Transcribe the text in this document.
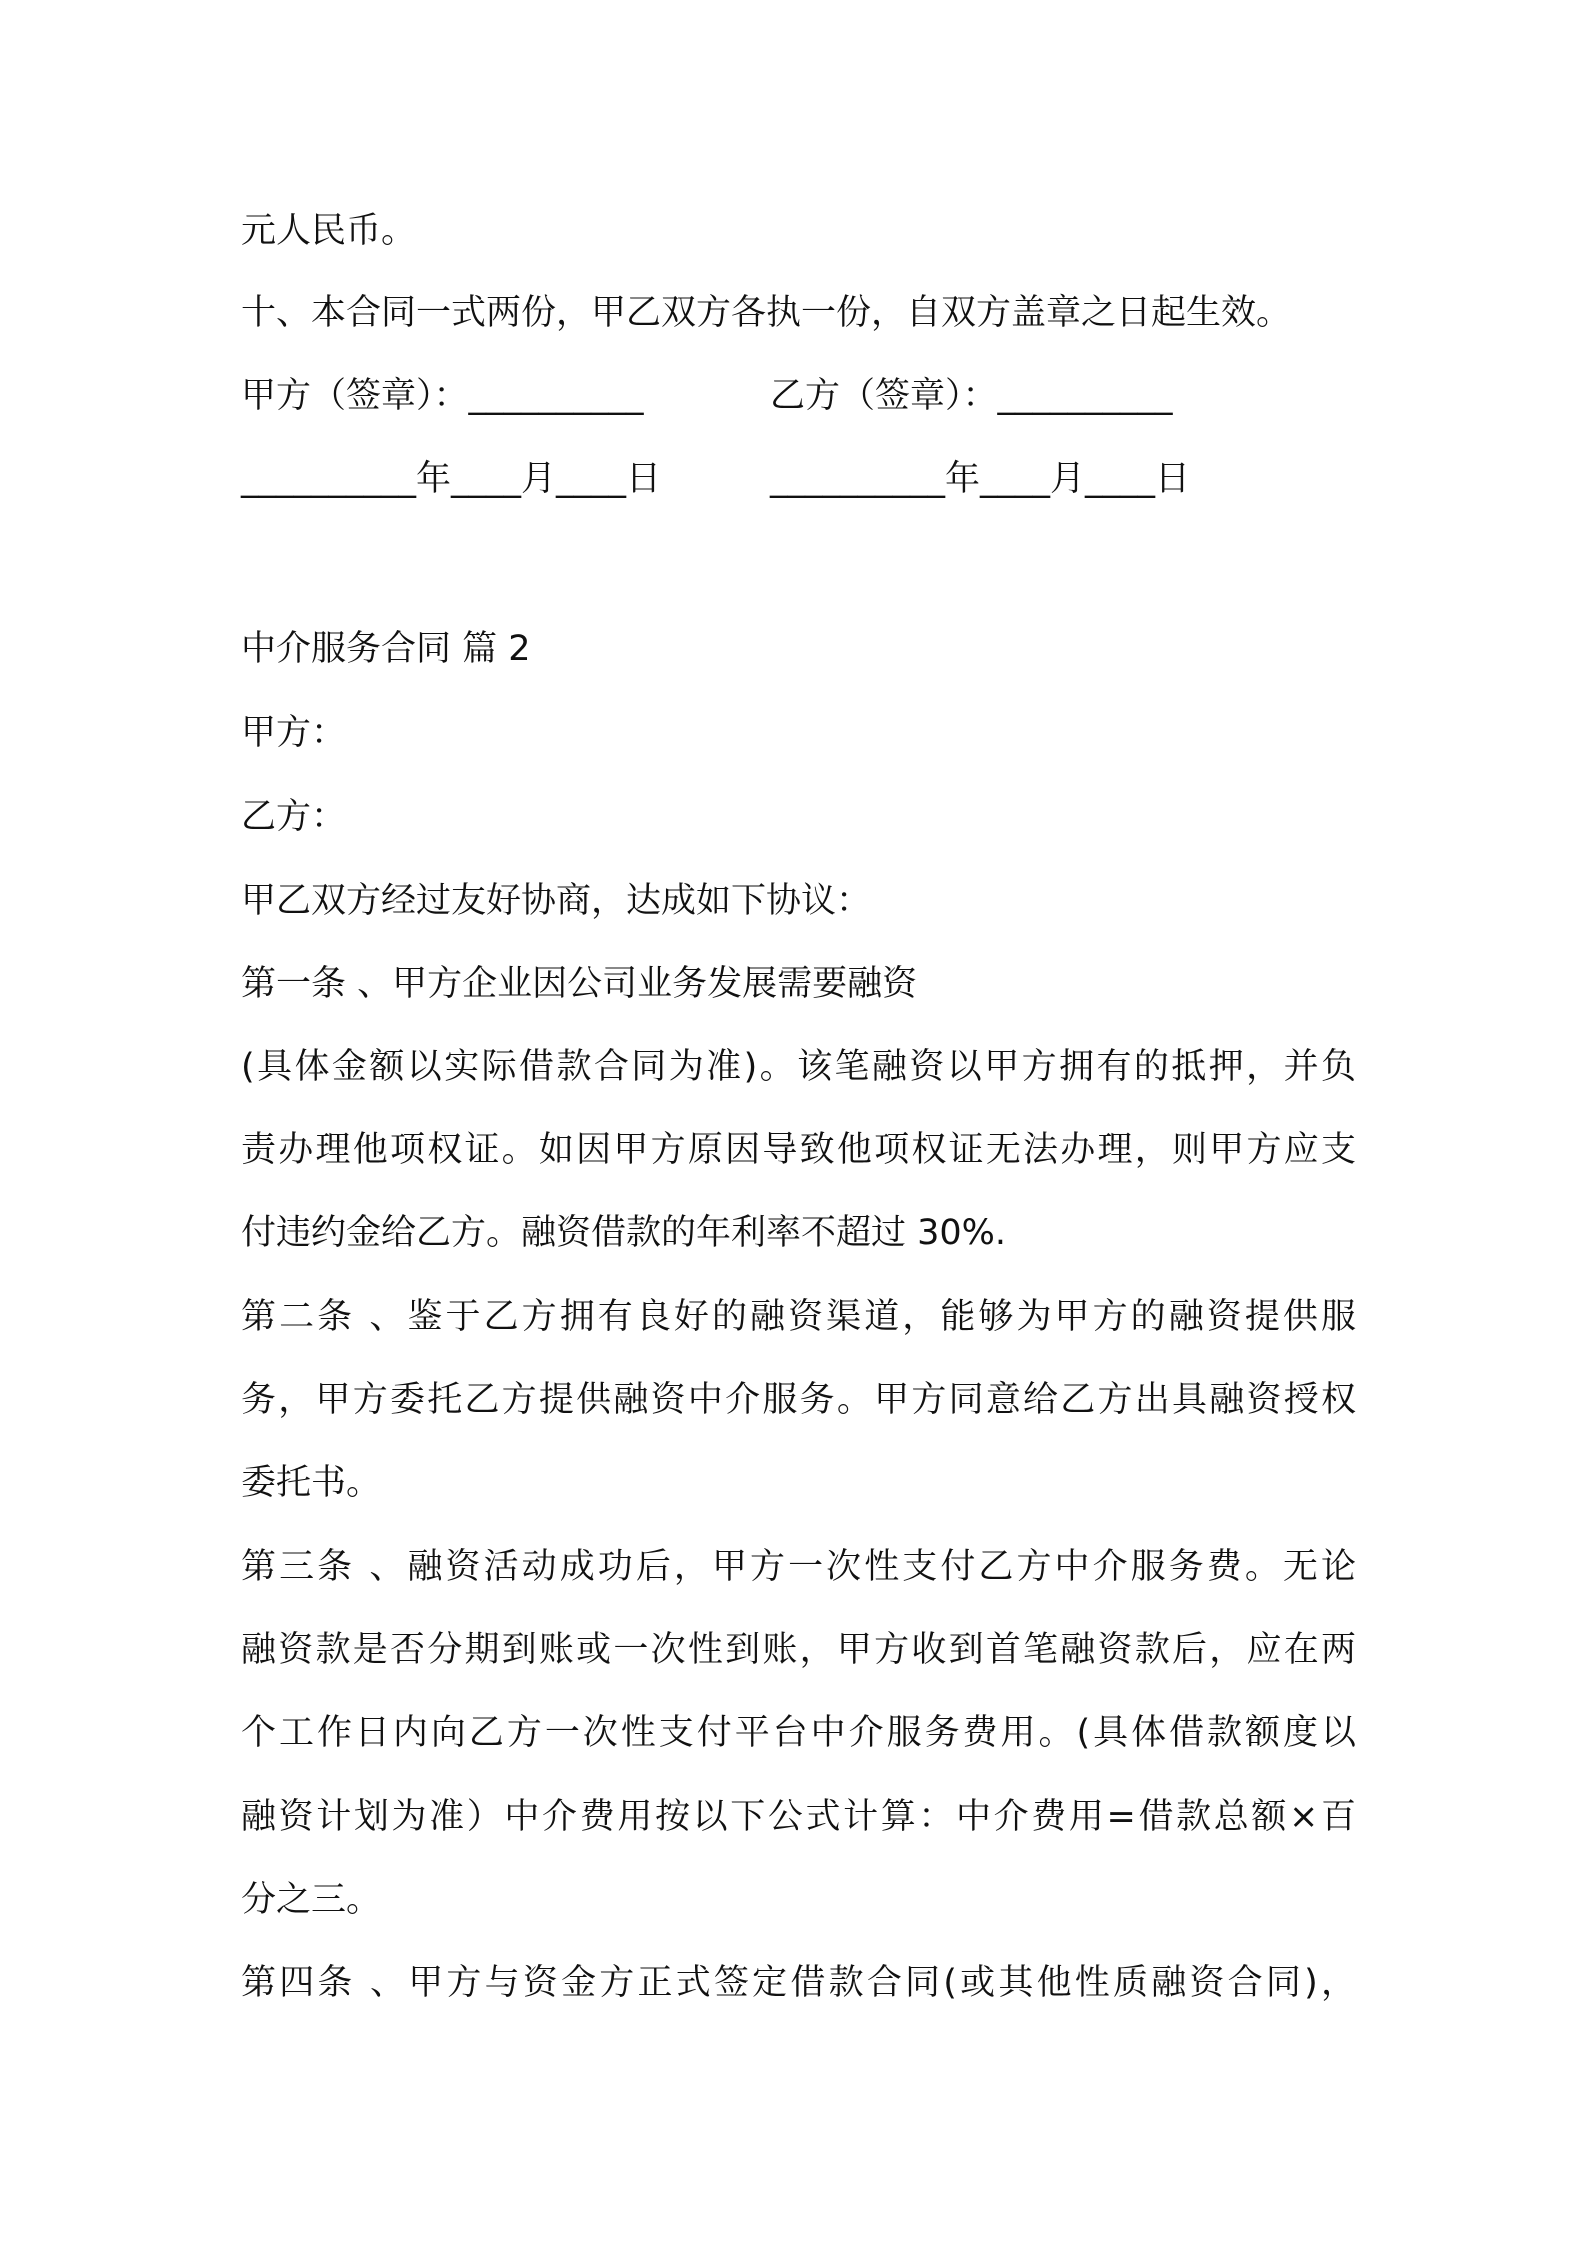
元人民币。
十、本合同一式两份，甲乙双方各执一份，自双方盖章之日起生效。
甲方（签章）：__________	乙方（签章）：__________
__________年____月____日	__________年____月____日
中介服务合同 篇 2
甲方：
乙方：
甲乙双方经过友好协商，达成如下协议：
第一条 、甲方企业因公司业务发展需要融资
(具体金额以实际借款合同为准)。该笔融资以甲方拥有的抵押，并负
责办理他项权证。如因甲方原因导致他项权证无法办理，则甲方应支
付违约金给乙方。融资借款的年利率不超过 30%.
第二条 、鉴于乙方拥有良好的融资渠道，能够为甲方的融资提供服
务，甲方委托乙方提供融资中介服务。甲方同意给乙方出具融资授权
委托书。
第三条 、融资活动成功后，甲方一次性支付乙方中介服务费。无论
融资款是否分期到账或一次性到账，甲方收到首笔融资款后，应在两
个工作日内向乙方一次性支付平台中介服务费用。(具体借款额度以
融资计划为准）中介费用按以下公式计算：中介费用=借款总额×百
分之三。
第四条 、甲方与资金方正式签定借款合同(或其他性质融资合同)，
